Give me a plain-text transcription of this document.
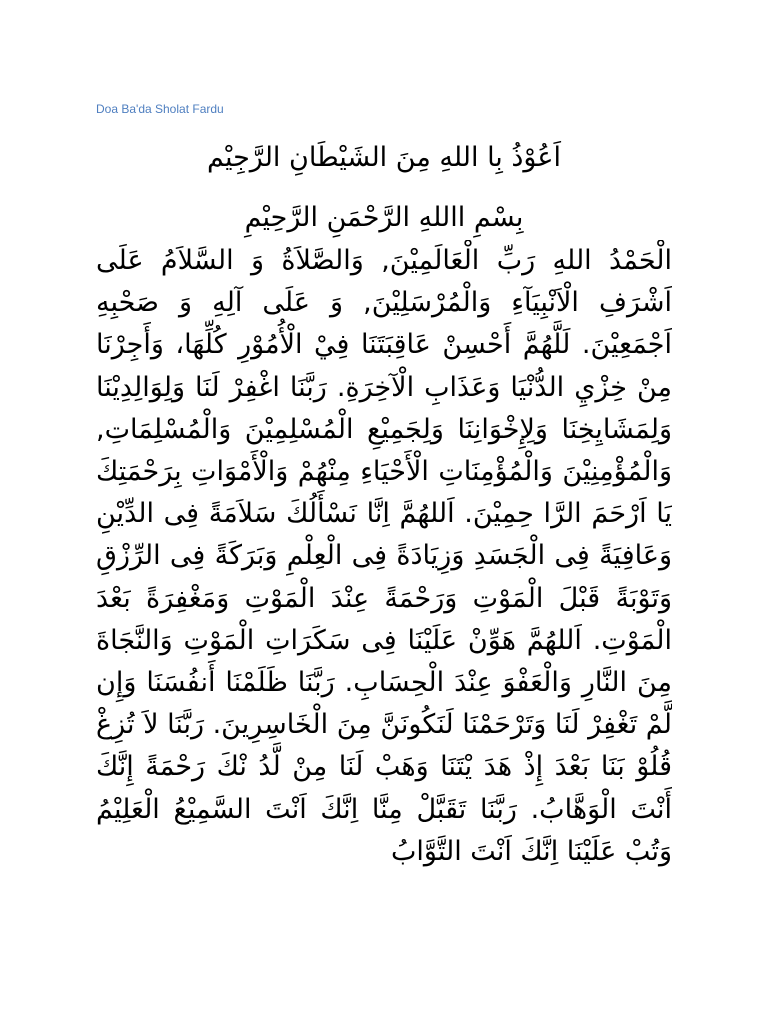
Doa Ba'da Sholat Fardu
اَعُوْذُ بِا اللهِ مِنَ الشَيْطَانِ الرَّجِيْم
بِسْمِ االلهِ الرَّحْمَنِ الرَّحِيْمِ

الْحَمْدُ اللهِ رَبِّ الْعَالَمِيْنَ, وَالصَّلاَةُ وَ السَّلاَمُ عَلَى اَشْرَفِ الْاَنْبِيَآءِ وَالْمُرْسَلِيْنَ, وَ عَلَى آلِهِ وَ صَحْبِهِ اَجْمَعِيْنَ. لَلَّهُمَّ أَحْسِنْ عَاقِبَتَنَا فِيْ الْأُمُوْرِ كُلِّهَا، وَأَجِرْنَا مِنْ خِزْيِ الدُّنْيَا وَعَذَابِ الْآخِرَةِ. رَبَّنَا اغْفِرْ لَنَا وَلِوَالِدِيْنَا وَلِمَشَايِخِنَا وَلِإِخْوَانِنَا وَلِجَمِيْعِ الْمُسْلِمِيْنَ وَالْمُسْلِمَاتِ, وَالْمُؤْمِنِيْنَ وَالْمُؤْمِنَاتِ الْأَحْيَاءِ مِنْهُمْ وَالْأَمْوَاتِ بِرَحْمَتِكَ يَا اَرْحَمَ الرَّا حِمِيْنَ. اَللهُمَّ اِنَّا نَسْأَلُكَ سَلاَمَةً فِى الدِّيْنِ وَعَافِيَةً فِى الْجَسَدِ وَزِيَادَةً فِى الْعِلْمِ وَبَرَكَةً فِى الرِّزْقِ وَتَوْبَةً قَبْلَ الْمَوْتِ وَرَحْمَةً عِنْدَ الْمَوْتِ وَمَغْفِرَةً بَعْدَ الْمَوْتِ. اَللهُمَّ هَوِّنْ عَلَيْنَا فِى سَكَرَاتِ الْمَوْتِ وَالنَّجَاةَ مِنَ النَّارِ وَالْعَفْوَ عِنْدَ الْحِسَابِ. رَبَّنَا ظَلَمْنَا أَنفُسَنَا وَإِن لَّمْ تَغْفِرْ لَنَا وَتَرْحَمْنَا لَنَكُونَنَّ مِنَ الْخَاسِرِينَ. رَبَّنَا لاَ تُزِغْ قُلُوْ بَنَا بَعْدَ إِذْ هَدَ يْتَنَا وَهَبْ لَنَا مِنْ لَّدُ نْكَ رَحْمَةً إِنَّكَ أَنْتَ الْوَهَّابُ. رَبَّنَا تَقَبَّلْ مِنَّا اِنَّكَ اَنْتَ السَّمِيْعُ الْعَلِيْمُ وَتُبْ عَلَيْنَا اِنَّكَ اَنْتَ التَّوَّابُ
